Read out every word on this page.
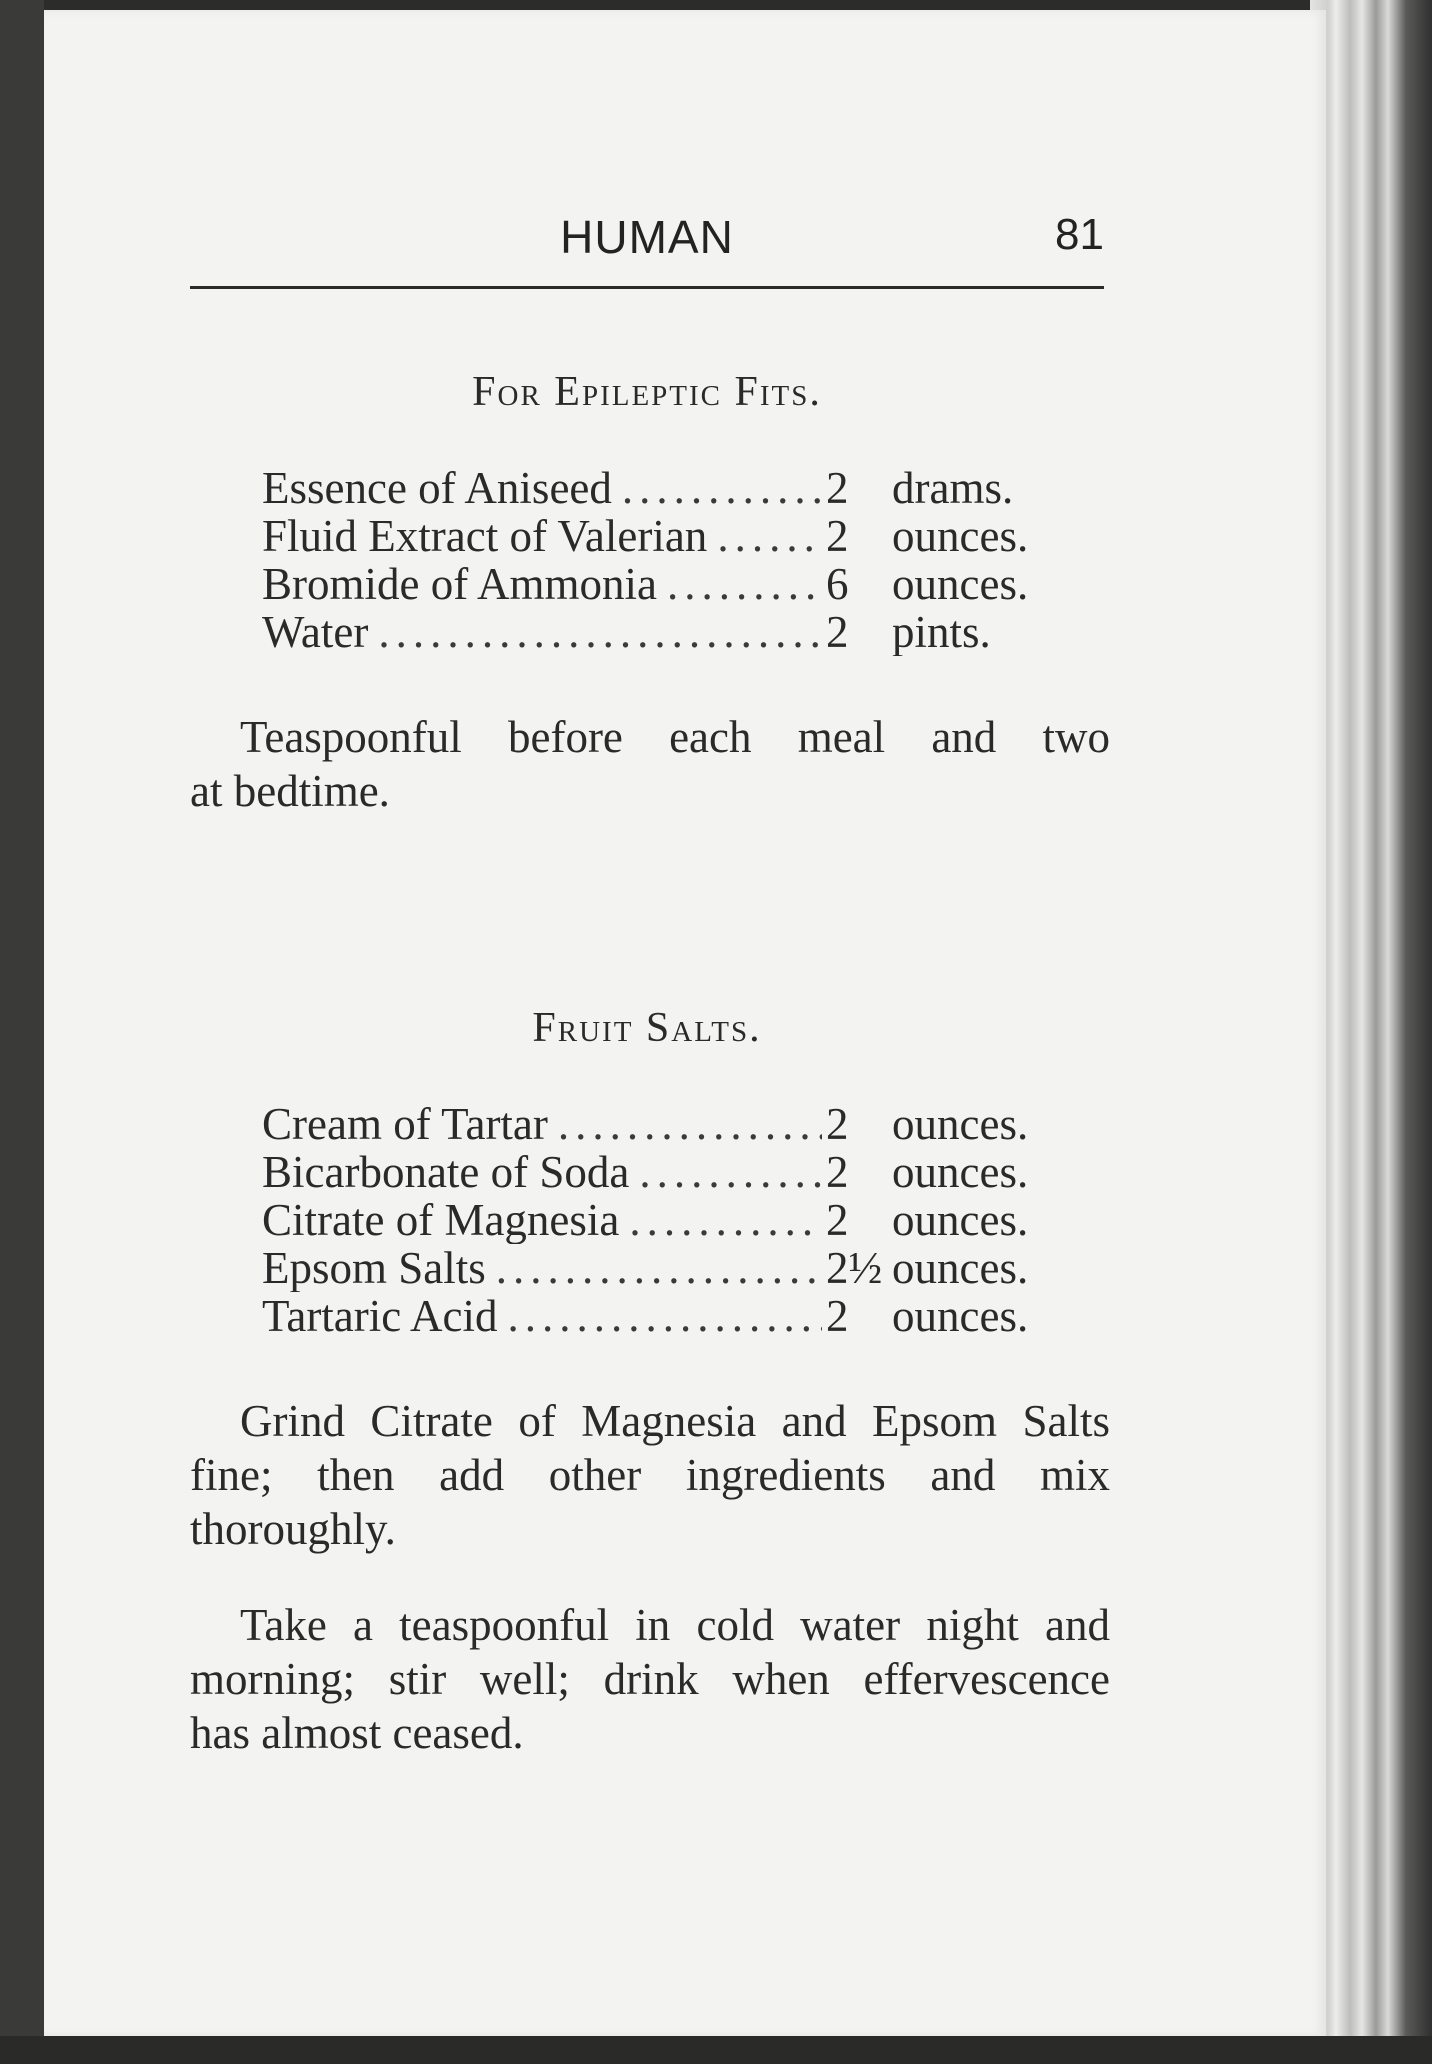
HUMAN	81
For Epileptic Fits.
Essence of Aniseed .....	2 drams.
Fluid Extract of Valerian .....	2 ounces.
Bromide of Ammonia .....	6 ounces.
Water .....	2 pints.

Teaspoonful before each meal and two
at bedtime.

Fruit Salts.
Cream of Tartar .....	2 ounces.
Bicarbonate of Soda .....	2 ounces.
Citrate of Magnesia .....	2 ounces.
Epsom Salts .....	2½ ounces.
Tartaric Acid .....	2 ounces.

Grind Citrate of Magnesia and Epsom Salts
fine; then add other ingredients and mix
thoroughly.

Take a teaspoonful in cold water night and
morning; stir well; drink when effervescence
has almost ceased.
